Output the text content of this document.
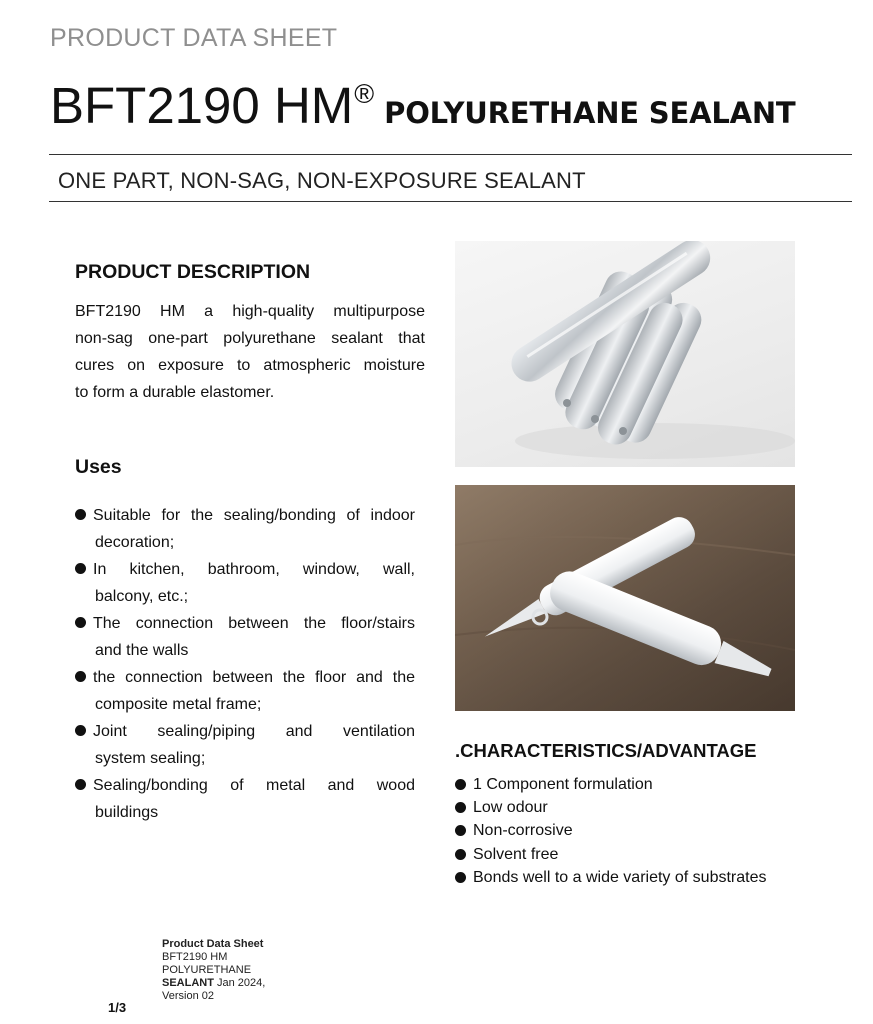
PRODUCT DATA SHEET
BFT2190 HM®POLYURETHANE SEALANT
ONE PART, NON-SAG, NON-EXPOSURE SEALANT
PRODUCT DESCRIPTION
BFT2190 HM a high-quality multipurpose
non-sag one-part polyurethane sealant that
cures on exposure to atmospheric moisture
to form a durable elastomer.
Uses
Suitable for the sealing/bonding of indoor
decoration;
In kitchen, bathroom, window, wall,
balcony, etc.;
The connection between the floor/stairs
and the walls
the connection between the floor and the
composite metal frame;
Joint sealing/piping and ventilation
system sealing;
Sealing/bonding of metal and wood
buildings
.CHARACTERISTICS/ADVANTAGE
1 Component formulation
Low odour
Non-corrosive
Solvent free
Bonds well to a wide variety of substrates
Product Data Sheet
BFT2190 HM
POLYURETHANE
SEALANT Jan 2024,
Version 02
1/3
